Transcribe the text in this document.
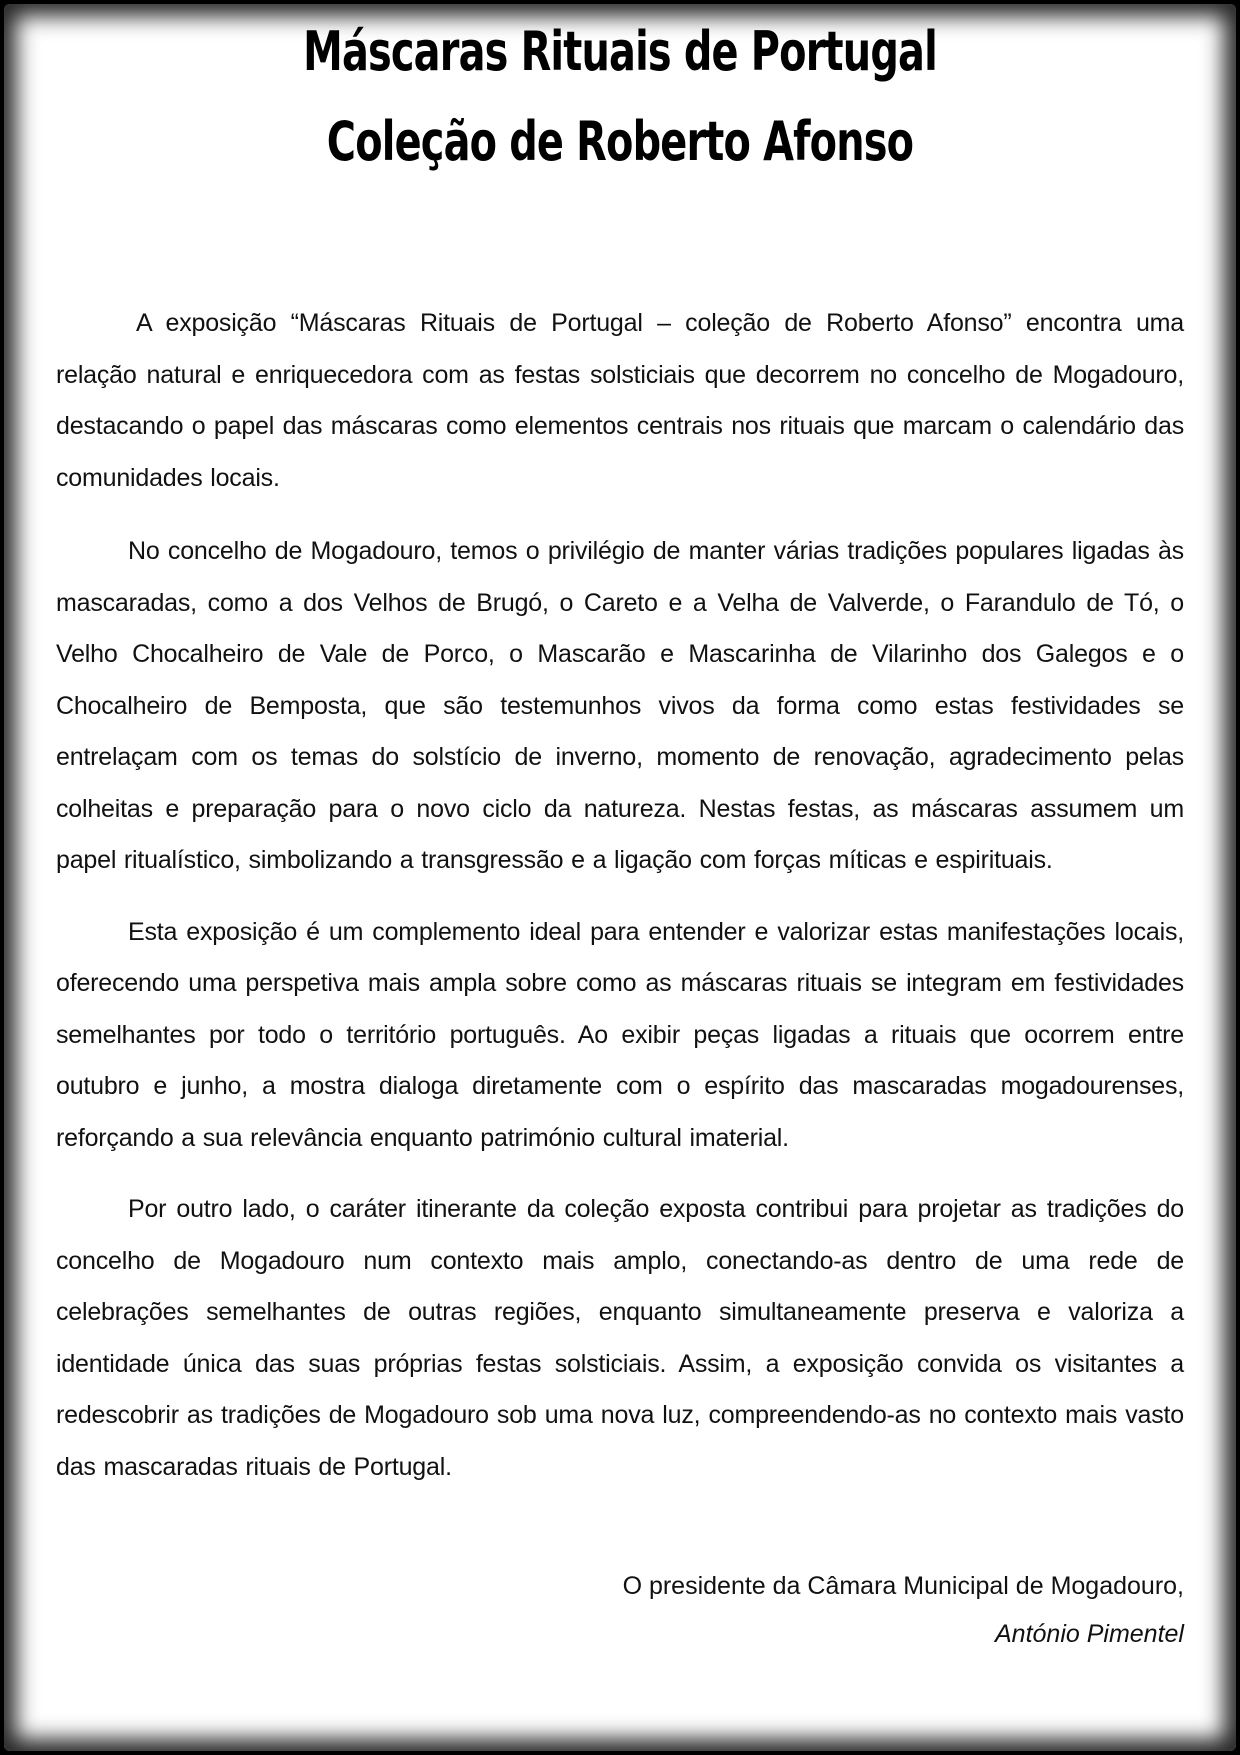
Máscaras Rituais de Portugal
Coleção de Roberto Afonso

A exposição “Máscaras Rituais de Portugal – coleção de Roberto Afonso” encontra uma relação natural e enriquecedora com as festas solsticiais que decorrem no concelho de Mogadouro, destacando o papel das máscaras como elementos centrais nos rituais que marcam o calendário das comunidades locais.

No concelho de Mogadouro, temos o privilégio de manter várias tradições populares ligadas às mascaradas, como a dos Velhos de Brugó, o Careto e a Velha de Valverde, o Farandulo de Tó, o Velho Chocalheiro de Vale de Porco, o Mascarão e Mascarinha de Vilarinho dos Galegos e o Chocalheiro de Bemposta, que são testemunhos vivos da forma como estas festividades se entrelaçam com os temas do solstício de inverno, momento de renovação, agradecimento pelas colheitas e preparação para o novo ciclo da natureza. Nestas festas, as máscaras assumem um papel ritualístico, simbolizando a transgressão e a ligação com forças míticas e espirituais.

Esta exposição é um complemento ideal para entender e valorizar estas manifestações locais, oferecendo uma perspetiva mais ampla sobre como as máscaras rituais se integram em festividades semelhantes por todo o território português. Ao exibir peças ligadas a rituais que ocorrem entre outubro e junho, a mostra dialoga diretamente com o espírito das mascaradas mogadourenses, reforçando a sua relevância enquanto património cultural imaterial.

Por outro lado, o caráter itinerante da coleção exposta contribui para projetar as tradições do concelho de Mogadouro num contexto mais amplo, conectando-as dentro de uma rede de celebrações semelhantes de outras regiões, enquanto simultaneamente preserva e valoriza a identidade única das suas próprias festas solsticiais. Assim, a exposição convida os visitantes a redescobrir as tradições de Mogadouro sob uma nova luz, compreendendo-as no contexto mais vasto das mascaradas rituais de Portugal.

O presidente da Câmara Municipal de Mogadouro,
António Pimentel
